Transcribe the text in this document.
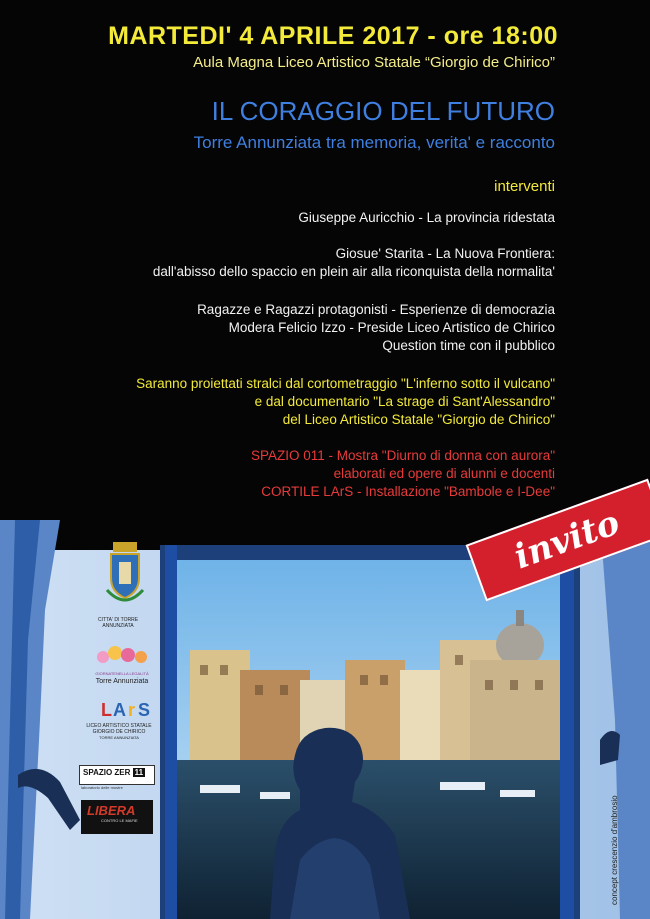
MARTEDI' 4 APRILE 2017 - ore 18:00
Aula Magna Liceo Artistico Statale “Giorgio de Chirico”
IL CORAGGIO DEL FUTURO
Torre Annunziata tra memoria, verita' e racconto
interventi
Giuseppe Auricchio - La provincia ridestata
Giosue' Starita - La Nuova Frontiera:
dall'abisso dello spaccio en plein air alla riconquista della normalita'
Ragazze e Ragazzi protagonisti - Esperienze di democrazia
Modera Felicio Izzo - Preside Liceo Artistico de Chirico
Question time con il pubblico
Saranno proiettati stralci dal cortometraggio "L'inferno sotto il vulcano"
e dal documentario "La strage di Sant'Alessandro"
del Liceo Artistico Statale "Giorgio de Chirico"
SPAZIO 011 - Mostra "Diurno di donna con aurora"
elaborati ed opere di alunni e docenti
CORTILE LArS - Installazione "Bambole e I-Dee"
CITTA' DI TORRE ANNUNZIATA
GIORNATENELLA LEGALITÀ
Torre Annunziata
L A r S
LICEO ARTISTICO STATALE
GIORGIO DE CHIRICO
TORRE ANNUNZIATA
SPAZIO ZER 11
laboratorio delle mostre
LIBERA
CONTRO LE MAFIE
invito
concept crescenzio d'ambrosio
